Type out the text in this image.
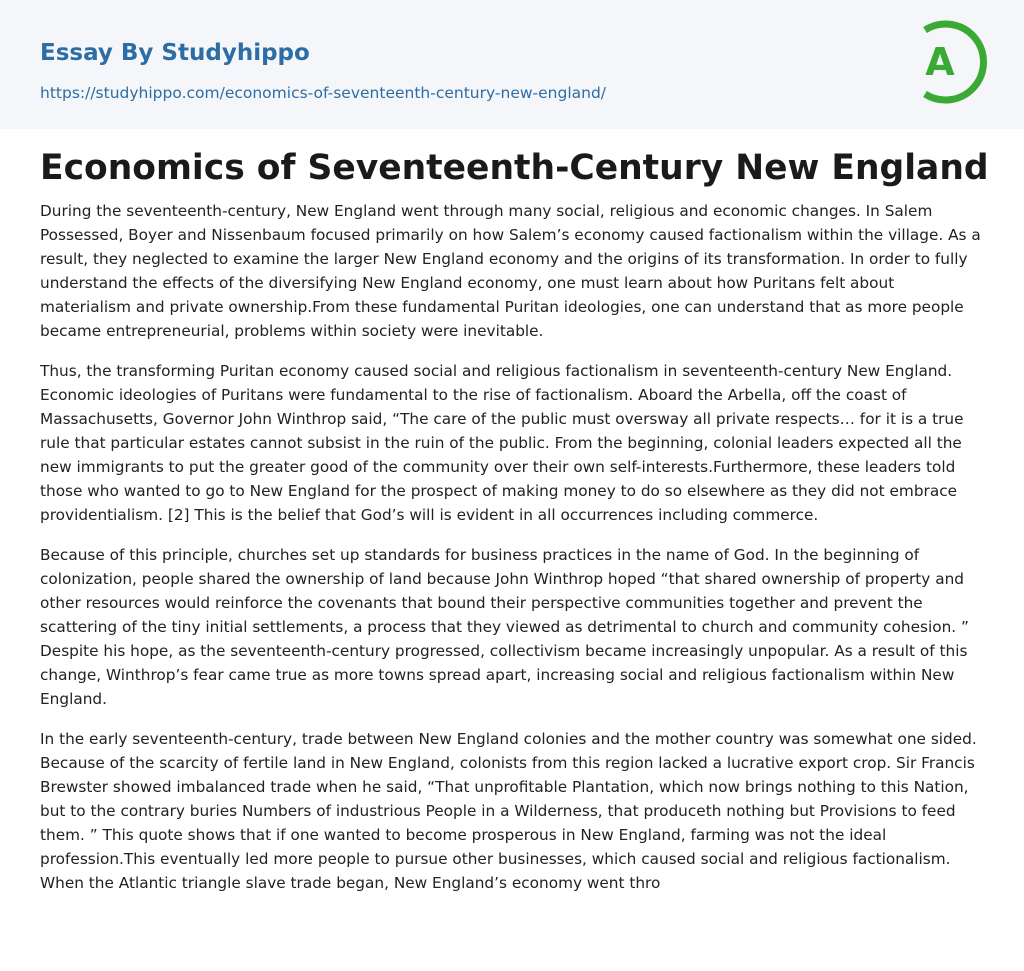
Essay By Studyhippo
https://studyhippo.com/economics-of-seventeenth-century-new-england/
A
Economics of Seventeenth-Century New England

During the seventeenth-century, New England went through many social, religious and economic changes. In Salem Possessed, Boyer and Nissenbaum focused primarily on how Salem’s economy caused factionalism within the village. As a result, they neglected to examine the larger New England economy and the origins of its transformation. In order to fully understand the effects of the diversifying New England economy, one must learn about how Puritans felt about materialism and private ownership.From these fundamental Puritan ideologies, one can understand that as more people became entrepreneurial, problems within society were inevitable.

Thus, the transforming Puritan economy caused social and religious factionalism in seventeenth-century New England. Economic ideologies of Puritans were fundamental to the rise of factionalism. Aboard the Arbella, off the coast of Massachusetts, Governor John Winthrop said, “The care of the public must oversway all private respects… for it is a true rule that particular estates cannot subsist in the ruin of the public. From the beginning, colonial leaders expected all the new immigrants to put the greater good of the community over their own self-interests.Furthermore, these leaders told those who wanted to go to New England for the prospect of making money to do so elsewhere as they did not embrace providentialism. [2] This is the belief that God’s will is evident in all occurrences including commerce.

Because of this principle, churches set up standards for business practices in the name of God. In the beginning of colonization, people shared the ownership of land because John Winthrop hoped “that shared ownership of property and other resources would reinforce the covenants that bound their perspective communities together and prevent the scattering of the tiny initial settlements, a process that they viewed as detrimental to church and community cohesion. ” Despite his hope, as the seventeenth-century progressed, collectivism became increasingly unpopular. As a result of this change, Winthrop’s fear came true as more towns spread apart, increasing social and religious factionalism within New England.

In the early seventeenth-century, trade between New England colonies and the mother country was somewhat one sided. Because of the scarcity of fertile land in New England, colonists from this region lacked a lucrative export crop. Sir Francis Brewster showed imbalanced trade when he said, “That unprofitable Plantation, which now brings nothing to this Nation, but to the contrary buries Numbers of industrious People in a Wilderness, that produceth nothing but Provisions to feed them. ” This quote shows that if one wanted to become prosperous in New England, farming was not the ideal profession.This eventually led more people to pursue other businesses, which caused social and religious factionalism. When the Atlantic triangle slave trade began, New England’s economy went thro
